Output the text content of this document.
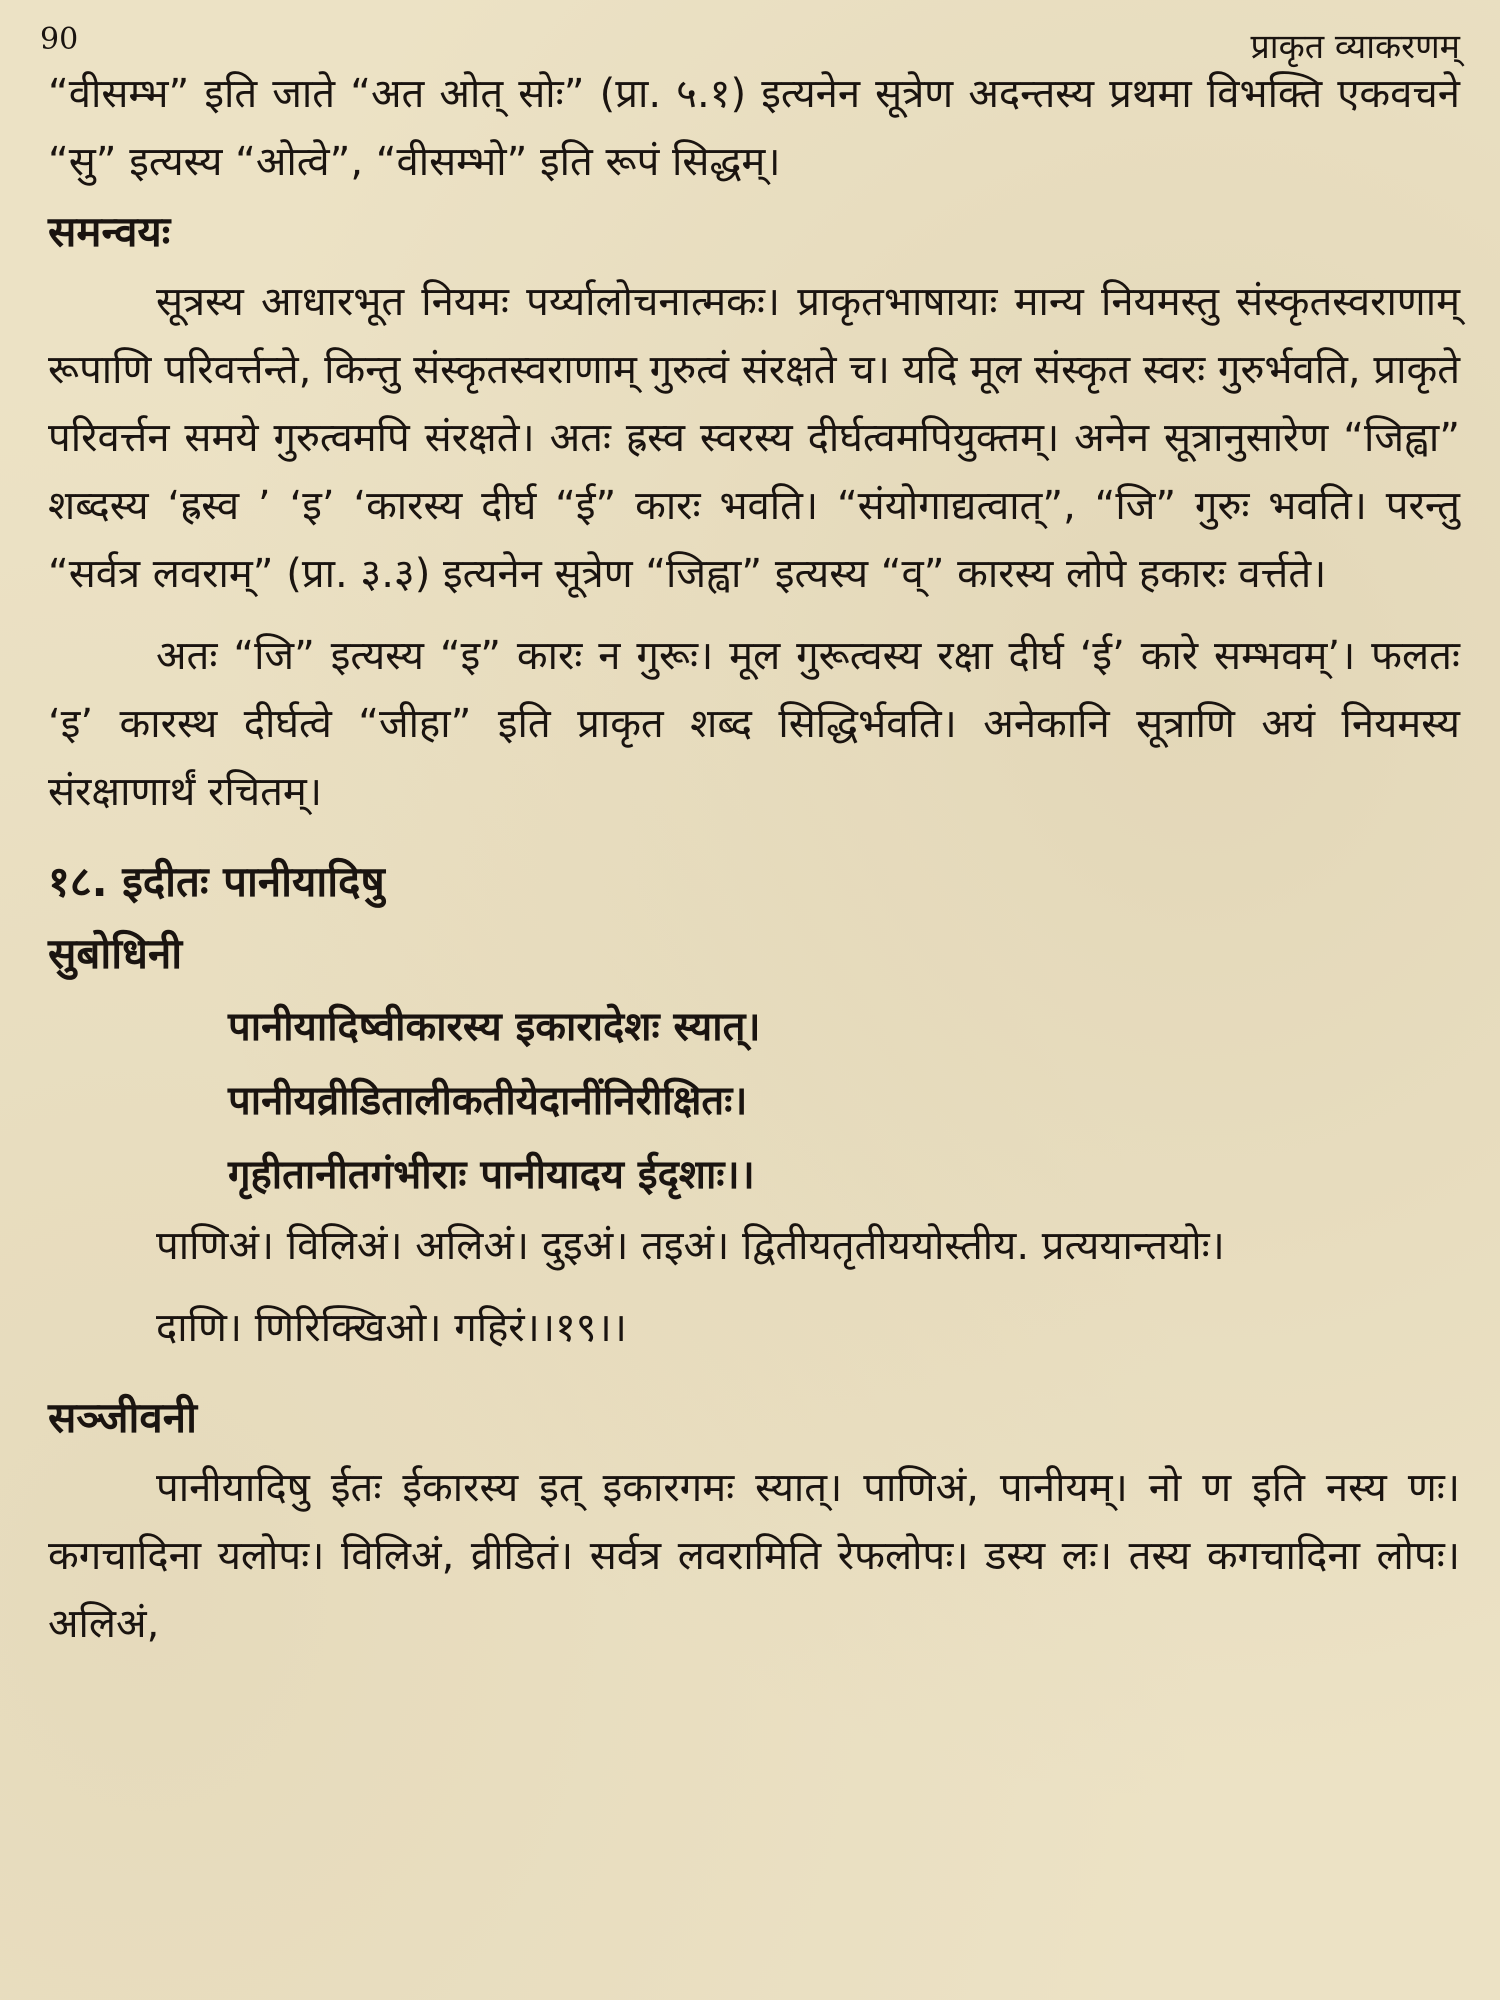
90	प्राकृत व्याकरणम्

“वीसम्भ” इति जाते “अत ओत् सोः” (प्रा. ५.१) इत्यनेन सूत्रेण अदन्तस्य प्रथमा विभक्ति एकवचने “सु” इत्यस्य “ओत्वे”, “वीसम्भो” इति रूपं सिद्धम्।

समन्वयः

सूत्रस्य आधारभूत नियमः पर्य्यालोचनात्मकः। प्राकृतभाषायाः मान्य नियमस्तु संस्कृतस्वराणाम् रूपाणि परिवर्त्तन्ते, किन्तु संस्कृतस्वराणाम् गुरुत्वं संरक्षते च। यदि मूल संस्कृत स्वरः गुरुर्भवति, प्राकृते परिवर्त्तन समये गुरुत्वमपि संरक्षते। अतः ह्रस्व स्वरस्य दीर्घत्वमपियुक्तम्। अनेन सूत्रानुसारेण “जिह्वा” शब्दस्य ‘ह्रस्व ’ ‘इ’ ‘कारस्य दीर्घ “ई” कारः भवति। “संयोगाद्यत्वात्”, “जि” गुरुः भवति। परन्तु “सर्वत्र लवराम्” (प्रा. ३.३) इत्यनेन सूत्रेण “जिह्वा” इत्यस्य “व्” कारस्य लोपे हकारः वर्त्तते।

अतः “जि” इत्यस्य “इ” कारः न गुरूः। मूल गुरूत्वस्य रक्षा दीर्घ ‘ई’ कारे सम्भवम्’। फलतः ‘इ’ कारस्थ दीर्घत्वे “जीहा” इति प्राकृत शब्द सिद्धिर्भवति। अनेकानि सूत्राणि अयं नियमस्य संरक्षाणार्थं रचितम्।

१८. इदीतः पानीयादिषु
सुबोधिनी
पानीयादिष्वीकारस्य इकारादेशः स्यात्।
पानीयव्रीडितालीकतीयेदानींनिरीक्षितः।
गृहीतानीतगंभीराः पानीयादय ईदृशाः।।

पाणिअं। विलिअं। अलिअं। दुइअं। तइअं। द्वितीयतृतीययोस्तीय. प्रत्ययान्तयोः।

दाणि। णिरिक्खिओ। गहिरं।।१९।।

सञ्जीवनी

पानीयादिषु ईतः ईकारस्य इत् इकारगमः स्यात्। पाणिअं, पानीयम्। नो ण इति नस्य णः। कगचादिना यलोपः। विलिअं, व्रीडितं। सर्वत्र लवरामिति रेफलोपः। डस्य लः। तस्य कगचादिना लोपः। अलिअं,
